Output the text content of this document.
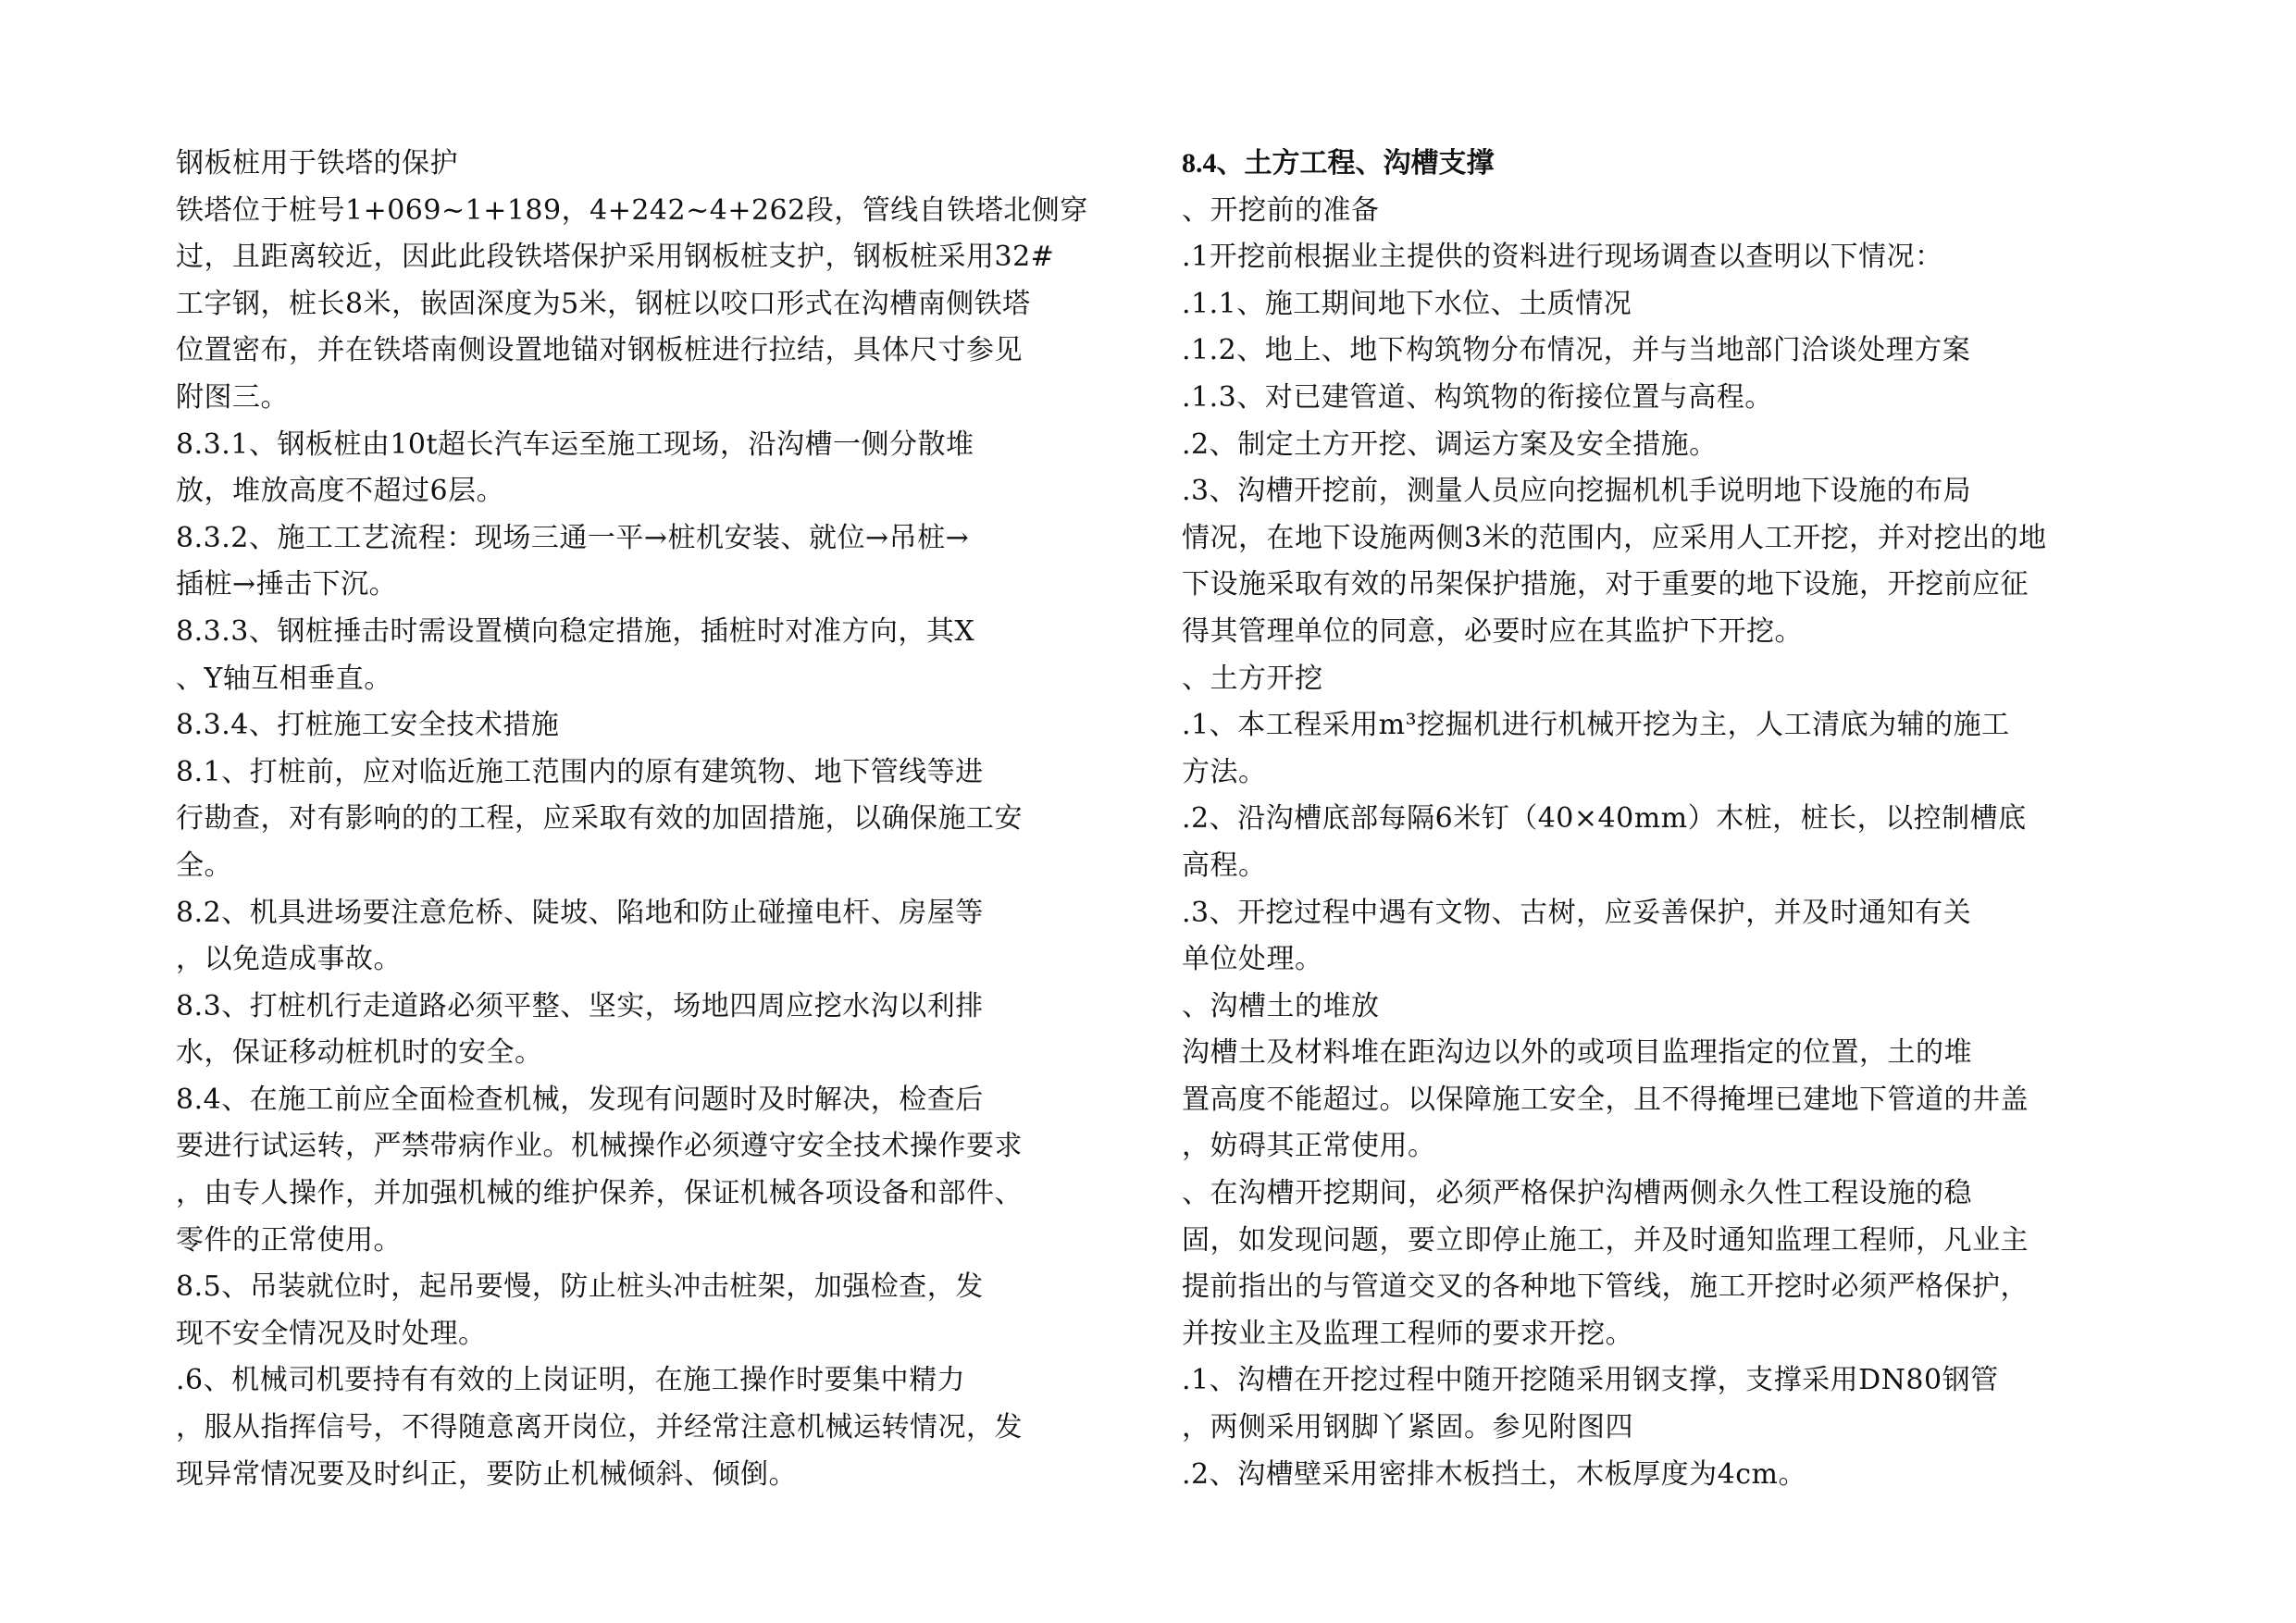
钢板桩用于铁塔的保护

铁塔位于桩号1+069~1+189，4+242~4+262段，管线自铁塔北侧穿
过，且距离较近，因此此段铁塔保护采用钢板桩支护，钢板桩采用32#
工字钢，桩长8米，嵌固深度为5米，钢桩以咬口形式在沟槽南侧铁塔
位置密布，并在铁塔南侧设置地锚对钢板桩进行拉结，具体尺寸参见
附图三。

8.3.1、钢板桩由10t超长汽车运至施工现场，沿沟槽一侧分散堆
放，堆放高度不超过6层。

8.3.2、施工工艺流程：现场三通一平→桩机安装、就位→吊桩→
插桩→捶击下沉。

8.3.3、钢桩捶击时需设置横向稳定措施，插桩时对准方向，其X
、Y轴互相垂直。

8.3.4、打桩施工安全技术措施

8.1、打桩前，应对临近施工范围内的原有建筑物、地下管线等进
行勘查，对有影响的的工程，应采取有效的加固措施，以确保施工安
全。

8.2、机具进场要注意危桥、陡坡、陷地和防止碰撞电杆、房屋等
，以免造成事故。

8.3、打桩机行走道路必须平整、坚实，场地四周应挖水沟以利排
水，保证移动桩机时的安全。

8.4、在施工前应全面检查机械，发现有问题时及时解决，检查后
要进行试运转，严禁带病作业。机械操作必须遵守安全技术操作要求
，由专人操作，并加强机械的维护保养，保证机械各项设备和部件、
零件的正常使用。

8.5、吊装就位时，起吊要慢，防止桩头冲击桩架，加强检查，发
现不安全情况及时处理。

.6、机械司机要持有有效的上岗证明，在施工操作时要集中精力
，服从指挥信号，不得随意离开岗位，并经常注意机械运转情况，发
现异常情况要及时纠正，要防止机械倾斜、倾倒。

8.4、土方工程、沟槽支撑

、开挖前的准备

.1开挖前根据业主提供的资料进行现场调查以查明以下情况：

.1.1、施工期间地下水位、土质情况

.1.2、地上、地下构筑物分布情况，并与当地部门洽谈处理方案

.1.3、对已建管道、构筑物的衔接位置与高程。

.2、制定土方开挖、调运方案及安全措施。

.3、沟槽开挖前，测量人员应向挖掘机机手说明地下设施的布局
情况，在地下设施两侧3米的范围内，应采用人工开挖，并对挖出的地
下设施采取有效的吊架保护措施，对于重要的地下设施，开挖前应征
得其管理单位的同意，必要时应在其监护下开挖。

、土方开挖

.1、本工程采用m³挖掘机进行机械开挖为主，人工清底为辅的施工
方法。

.2、沿沟槽底部每隔6米钉（40×40mm）木桩，桩长，以控制槽底
高程。

.3、开挖过程中遇有文物、古树，应妥善保护，并及时通知有关
单位处理。

、沟槽土的堆放

沟槽土及材料堆在距沟边以外的或项目监理指定的位置，土的堆
置高度不能超过。以保障施工安全，且不得掩埋已建地下管道的井盖
，妨碍其正常使用。

、在沟槽开挖期间，必须严格保护沟槽两侧永久性工程设施的稳
固，如发现问题，要立即停止施工，并及时通知监理工程师，凡业主
提前指出的与管道交叉的各种地下管线，施工开挖时必须严格保护，
并按业主及监理工程师的要求开挖。

.1、沟槽在开挖过程中随开挖随采用钢支撑，支撑采用DN80钢管
，两侧采用钢脚丫紧固。参见附图四

.2、沟槽壁采用密排木板挡土，木板厚度为4cm。
